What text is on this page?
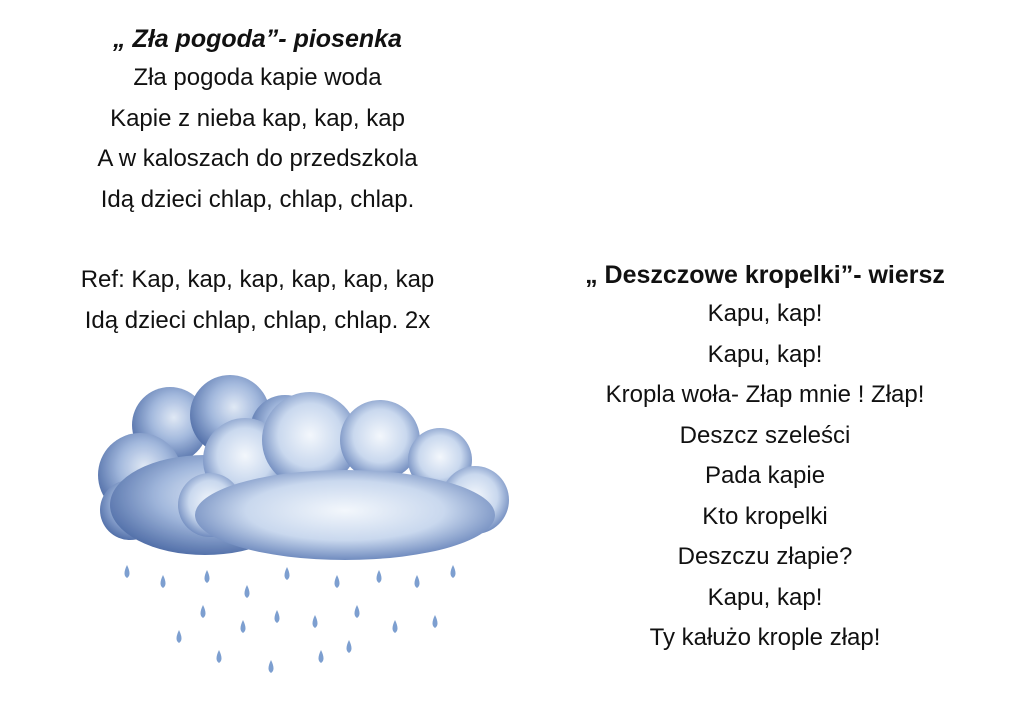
„ Zła pogoda”- piosenka

Zła pogoda kapie woda

Kapie z nieba kap, kap, kap

A w kaloszach do przedszkola

Idą dzieci chlap, chlap, chlap.

Ref: Kap, kap, kap, kap, kap, kap

Idą dzieci chlap, chlap, chlap. 2x

„ Deszczowe kropelki”- wiersz

Kapu, kap!

Kapu, kap!

Kropla woła- Złap mnie ! Złap!

Deszcz szeleści

Pada kapie

Kto kropelki

Deszczu złapie?

Kapu, kap!

Ty kałużo krople złap!
